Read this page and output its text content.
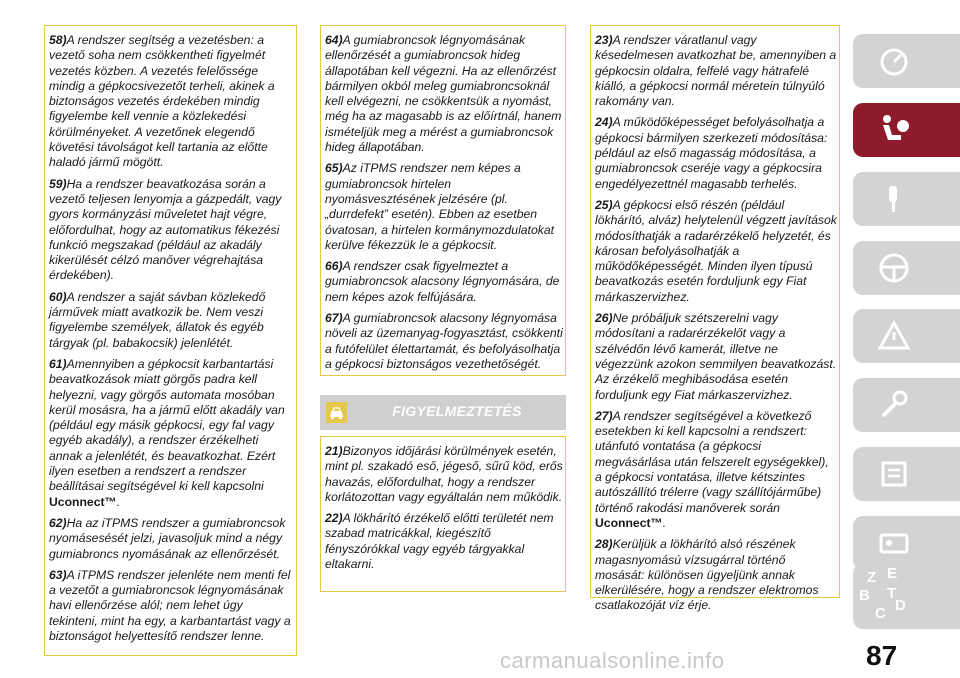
58)A rendszer segítség a vezetésben: a vezető soha nem csökkentheti figyelmét vezetés közben. A vezetés felelőssége mindig a gépkocsivezetőt terheli, akinek a biztonságos vezetés érdekében mindig figyelembe kell vennie a közlekedési körülményeket. A vezetőnek elegendő követési távolságot kell tartania az előtte haladó jármű mögött.

59)Ha a rendszer beavatkozása során a vezető teljesen lenyomja a gázpedált, vagy gyors kormányzási műveletet hajt végre, előfordulhat, hogy az automatikus fékezési funkció megszakad (például az akadály kikerülését célzó manőver végrehajtása érdekében).

60)A rendszer a saját sávban közlekedő járművek miatt avatkozik be. Nem veszi figyelembe személyek, állatok és egyéb tárgyak (pl. babakocsik) jelenlétét.

61)Amennyiben a gépkocsit karbantartási beavatkozások miatt görgős padra kell helyezni, vagy görgős automata mosóban kerül mosásra, ha a jármű előtt akadály van (például egy másik gépkocsi, egy fal vagy egyéb akadály), a rendszer érzékelheti annak a jelenlétét, és beavatkozhat. Ezért ilyen esetben a rendszert a rendszer beállításai segítségével ki kell kapcsolni Uconnect™.

62)Ha az iTPMS rendszer a gumiabroncsok nyomásesését jelzi, javasoljuk mind a négy gumiabroncs nyomásának az ellenőrzését.

63)A iTPMS rendszer jelenléte nem menti fel a vezetőt a gumiabroncsok légnyomásának havi ellenőrzése alól; nem lehet úgy tekinteni, mint ha egy, a karbantartást vagy a biztonságot helyettesítő rendszer lenne.

64)A gumiabroncsok légnyomásának ellenőrzését a gumiabroncsok hideg állapotában kell végezni. Ha az ellenőrzést bármilyen okból meleg gumiabroncsoknál kell elvégezni, ne csökkentsük a nyomást, még ha az magasabb is az előírtnál, hanem ismételjük meg a mérést a gumiabroncsok hideg állapotában.

65)Az iTPMS rendszer nem képes a gumiabroncsok hirtelen nyomásvesztésének jelzésére (pl. „durrdefekt” esetén). Ebben az esetben óvatosan, a hirtelen kormánymozdulatokat kerülve fékezzük le a gépkocsit.

66)A rendszer csak figyelmeztet a gumiabroncsok alacsony légnyomására, de nem képes azok felfújására.

67)A gumiabroncsok alacsony légnyomása növeli az üzemanyag-fogyasztást, csökkenti a futófelület élettartamát, és befolyásolhatja a gépkocsi biztonságos vezethetőségét.

FIGYELMEZTETÉS

21)Bizonyos időjárási körülmények esetén, mint pl. szakadó eső, jégeső, sűrű köd, erős havazás, előfordulhat, hogy a rendszer korlátozottan vagy egyáltalán nem működik.

22)A lökhárító érzékelő előtti területét nem szabad matricákkal, kiegészítő fényszórókkal vagy egyéb tárgyakkal eltakarni.

23)A rendszer váratlanul vagy késedelmesen avatkozhat be, amennyiben a gépkocsin oldalra, felfelé vagy hátrafelé kiálló, a gépkocsi normál méretein túlnyúló rakomány van.

24)A működőképességet befolyásolhatja a gépkocsi bármilyen szerkezeti módosítása: például az első magasság módosítása, a gumiabroncsok cseréje vagy a gépkocsira engedélyezettnél magasabb terhelés.

25)A gépkocsi első részén (például lökhárító, alváz) helytelenül végzett javítások módosíthatják a radarérzékelő helyzetét, és károsan befolyásolhatják a működőképességét. Minden ilyen típusú beavatkozás esetén forduljunk egy Fiat márkaszervizhez.

26)Ne próbáljuk szétszerelni vagy módosítani a radarérzékelőt vagy a szélvédőn lévő kamerát, illetve ne végezzünk azokon semmilyen beavatkozást. Az érzékelő meghibásodása esetén forduljunk egy Fiat márkaszervizhez.

27)A rendszer segítségével a következő esetekben ki kell kapcsolni a rendszert: utánfutó vontatása (a gépkocsi megvásárlása után felszerelt egységekkel), a gépkocsi vontatása, illetve kétszintes autószállító trélerre (vagy szállítójárműbe) történő rakodási manőverek során Uconnect™.

28)Kerüljük a lökhárító alsó részének magasnyomású vízsugárral történő mosását: különösen ügyeljünk annak elkerülésére, hogy a rendszer elektromos csatlakozóját víz érje.

Z E
B
C D
T
carmanualsonline.info	87
